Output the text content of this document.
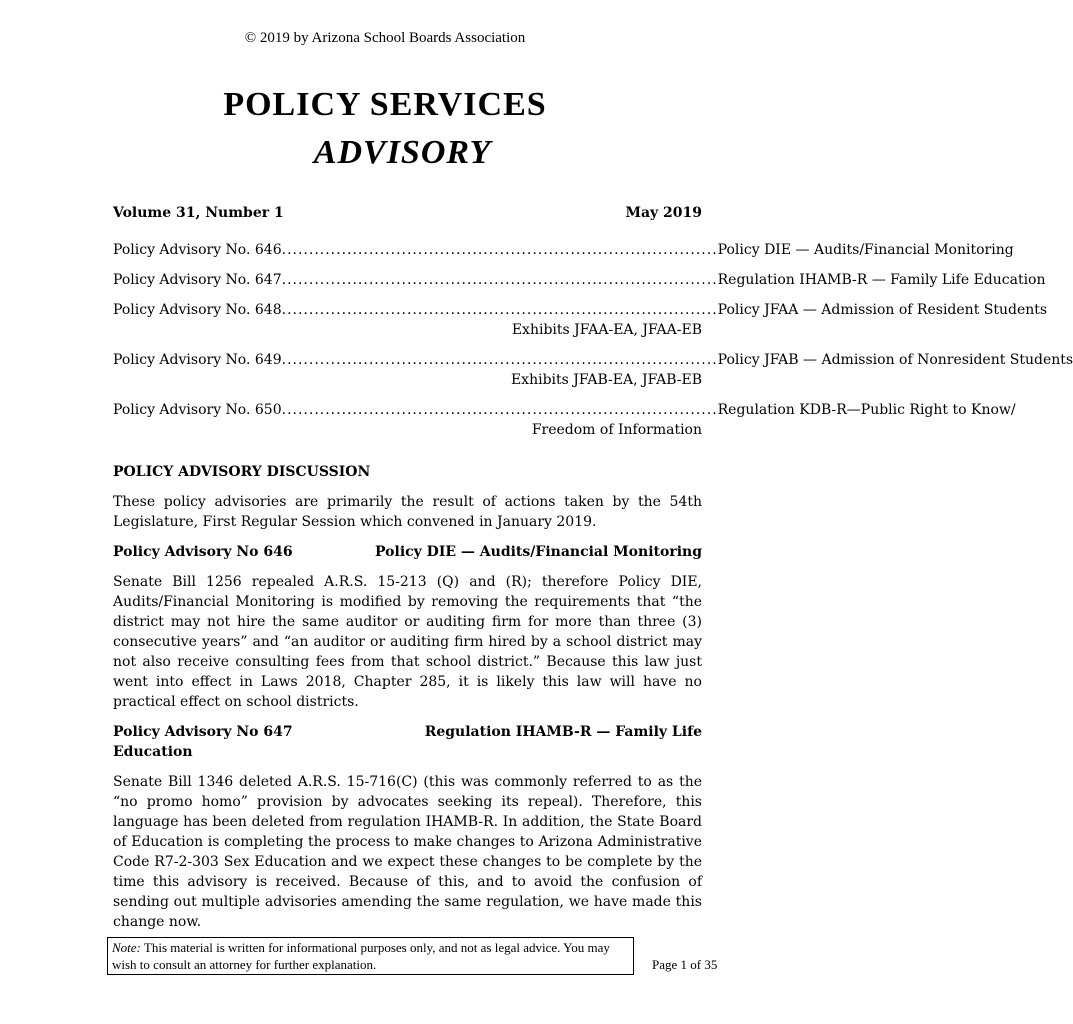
© 2019 by Arizona School Boards Association
POLICY SERVICES
ADVISORY
Volume 31, Number 1	May 2019
Policy Advisory No. 646 ................................................................................ Policy DIE — Audits/Financial Monitoring
Policy Advisory No. 647 ................................................................................ Regulation IHAMB-R — Family Life Education
Policy Advisory No. 648 ................................................................................ Policy JFAA — Admission of Resident Students
Exhibits JFAA-EA, JFAA-EB
Policy Advisory No. 649 ................................................................................ Policy JFAB — Admission of Nonresident Students
Exhibits JFAB-EA, JFAB-EB
Policy Advisory No. 650 ................................................................................ Regulation KDB-R—Public Right to Know/
Freedom of Information
POLICY ADVISORY DISCUSSION

These policy advisories are primarily the result of actions taken by the 54th Legislature, First Regular Session which convened in January 2019.

Policy Advisory No 646	Policy DIE — Audits/Financial Monitoring

Senate Bill 1256 repealed A.R.S. 15-213 (Q) and (R); therefore Policy DIE, Audits/Financial Monitoring is modified by removing the requirements that “the district may not hire the same auditor or auditing firm for more than three (3) consecutive years” and “an auditor or auditing firm hired by a school district may not also receive consulting fees from that school district.” Because this law just went into effect in Laws 2018, Chapter 285, it is likely this law will have no practical effect on school districts.

Policy Advisory No 647	Regulation IHAMB-R — Family Life
Education

Senate Bill 1346 deleted A.R.S. 15-716(C) (this was commonly referred to as the “no promo homo” provision by advocates seeking its repeal). Therefore, this language has been deleted from regulation IHAMB-R. In addition, the State Board of Education is completing the process to make changes to Arizona Administrative Code R7-2-303 Sex Education and we expect these changes to be complete by the time this advisory is received. Because of this, and to avoid the confusion of sending out multiple advisories amending the same regulation, we have made this change now.

Note: This material is written for informational purposes only, and not as legal advice. You may wish to consult an attorney for further explanation.	Page 1 of 35
